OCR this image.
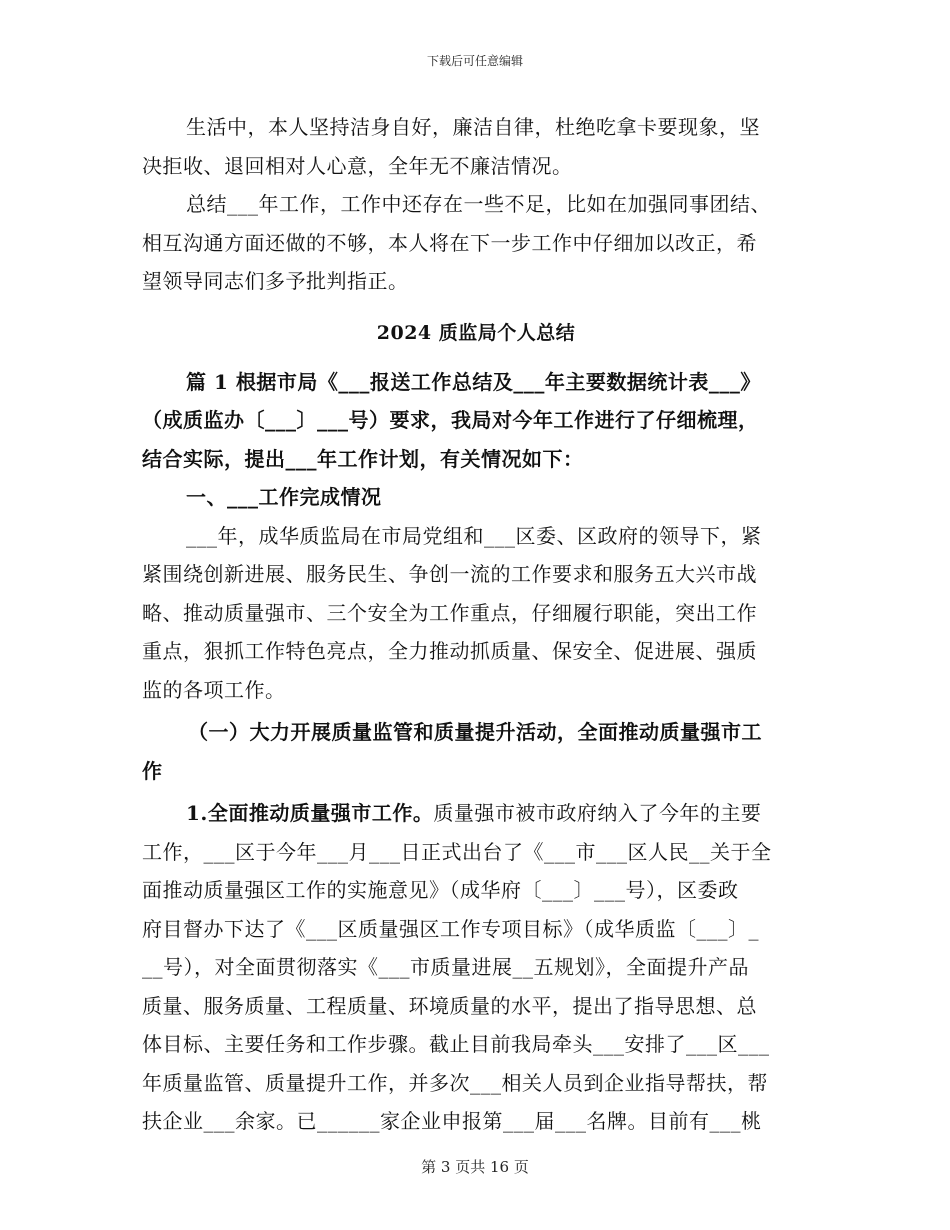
下载后可任意编辑
生活中，本人坚持洁身自好，廉洁自律，杜绝吃拿卡要现象，坚
决拒收、退回相对人心意，全年无不廉洁情况。
总结___年工作，工作中还存在一些不足，比如在加强同事团结、
相互沟通方面还做的不够，本人将在下一步工作中仔细加以改正，希
望领导同志们多予批判指正。
2024 质监局个人总结
篇 1 根据市局《___报送工作总结及___年主要数据统计表___》
（成质监办〔___〕___号）要求，我局对今年工作进行了仔细梳理，
结合实际，提出___年工作计划，有关情况如下：
一、___工作完成情况
___年，成华质监局在市局党组和___区委、区政府的领导下，紧
紧围绕创新进展、服务民生、争创一流的工作要求和服务五大兴市战
略、推动质量强市、三个安全为工作重点，仔细履行职能，突出工作
重点，狠抓工作特色亮点，全力推动抓质量、保安全、促进展、强质
监的各项工作。
（一）大力开展质量监管和质量提升活动，全面推动质量强市工
作
1.全面推动质量强市工作。质量强市被市政府纳入了今年的主要
工作，___区于今年___月___日正式出台了《___市___区人民__关于全
面推动质量强区工作的实施意见》（成华府〔___〕___号），区委政
府目督办下达了《___区质量强区工作专项目标》（成华质监〔___〕_
__号），对全面贯彻落实《___市质量进展__五规划》，全面提升产品
质量、服务质量、工程质量、环境质量的水平，提出了指导思想、总
体目标、主要任务和工作步骤。截止目前我局牵头___安排了___区___
年质量监管、质量提升工作，并多次___相关人员到企业指导帮扶，帮
扶企业___余家。已______家企业申报第___届___名牌。目前有___桃
第 3 页共 16 页
